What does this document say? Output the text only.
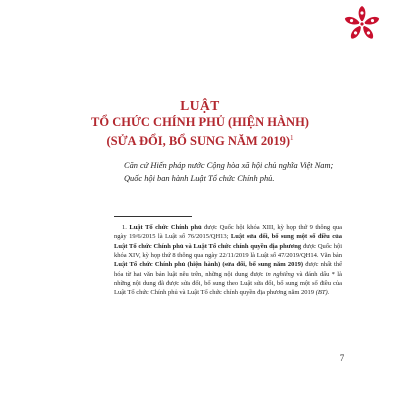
LUẬT
TỔ CHỨC CHÍNH PHỦ (HIỆN HÀNH)
(SỬA ĐỔI, BỔ SUNG NĂM 2019)$^1$

Căn cứ Hiến pháp nước Cộng hòa xã hội chủ nghĩa Việt Nam;

Quốc hội ban hành Luật Tổ chức Chính phủ.

1. Luật Tổ chức Chính phủ được Quốc hội khóa XIII, kỳ họp thứ 9 thông qua ngày 19/6/2015 là Luật số 76/2015/QH13; Luật sửa đổi, bổ sung một số điều của Luật Tổ chức Chính phủ và Luật Tổ chức chính quyền địa phương được Quốc hội khóa XIV, kỳ họp thứ 8 thông qua ngày 22/11/2019 là Luật số 47/2019/QH14. Văn bản Luật Tổ chức Chính phủ (hiện hành) (sửa đổi, bổ sung năm 2019) được nhất thể hóa từ hai văn bản luật nêu trên, những nội dung được in nghiêng và đánh dấu * là những nội dung đã được sửa đổi, bổ sung theo Luật sửa đổi, bổ sung một số điều của Luật Tổ chức Chính phủ và Luật Tổ chức chính quyền địa phương năm 2019 (BT).

7
